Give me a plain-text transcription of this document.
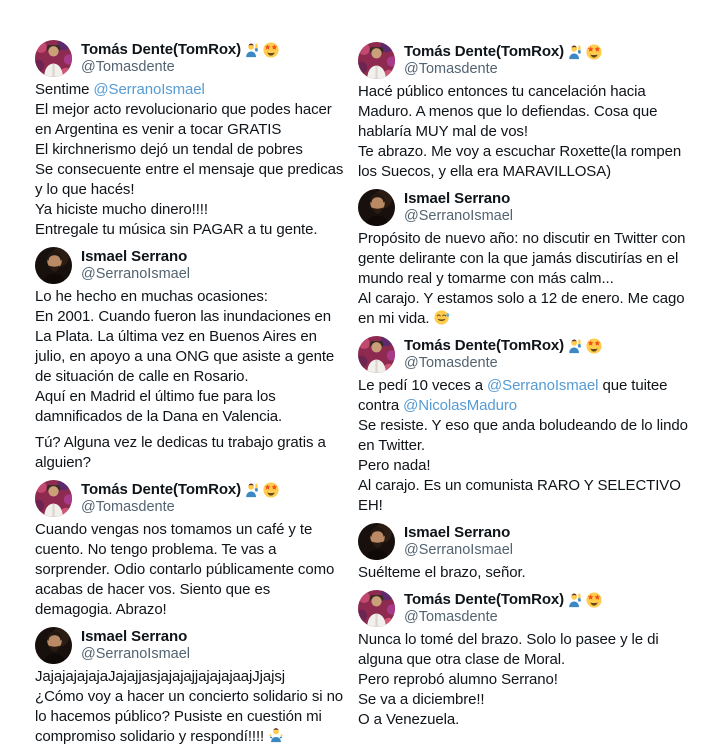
Tomás Dente(TomRox)
@Tomasdente
Sentime @SerranoIsmael
El mejor acto revolucionario que podes hacer en Argentina es venir a tocar GRATIS
El kirchnerismo dejó un tendal de pobres
Se consecuente entre el mensaje que predicas y lo que hacés!
Ya hiciste mucho dinero!!!!
Entregale tu música sin PAGAR a tu gente.
Ismael Serrano
@SerranoIsmael
Lo he hecho en muchas ocasiones:
En 2001. Cuando fueron las inundaciones en La Plata. La última vez en Buenos Aires en julio, en apoyo a una ONG que asiste a gente de situación de calle en Rosario.
Aquí en Madrid el último fue para los damnificados de la Dana en Valencia.
Tú? Alguna vez le dedicas tu trabajo gratis a alguien?
Tomás Dente(TomRox)
@Tomasdente
Cuando vengas nos tomamos un café y te cuento. No tengo problema. Te vas a sorprender. Odio contarlo públicamente como acabas de hacer vos. Siento que es demagogia. Abrazo!
Ismael Serrano
@SerranoIsmael
JajajajajajaJajajjasjajajajjajajajaajJjajsj
¿Cómo voy a hacer un concierto solidario si no lo hacemos público? Pusiste en cuestión mi compromiso solidario y respondí!!!!
Tomás Dente(TomRox)
@Tomasdente
Hacé público entonces tu cancelación hacia Maduro. A menos que lo defiendas. Cosa que hablaría MUY mal de vos!
Te abrazo. Me voy a escuchar Roxette(la rompen los Suecos, y ella era MARAVILLOSA)
Ismael Serrano
@SerranoIsmael
Propósito de nuevo año: no discutir en Twitter con gente delirante con la que jamás discutirías en el mundo real y tomarme con más calm...
Al carajo. Y estamos solo a 12 de enero. Me cago en mi vida.
Tomás Dente(TomRox)
@Tomasdente
Le pedí 10 veces a @SerranoIsmael que tuitee contra @NicolasMaduro
Se resiste. Y eso que anda boludeando de lo lindo en Twitter.
Pero nada!
Al carajo. Es un comunista RARO Y SELECTIVO EH!
Ismael Serrano
@SerranoIsmael
Suélteme el brazo, señor.
Tomás Dente(TomRox)
@Tomasdente
Nunca lo tomé del brazo. Solo lo pasee y le di alguna que otra clase de Moral.
Pero reprobó alumno Serrano!
Se va a diciembre!!
O a Venezuela.
